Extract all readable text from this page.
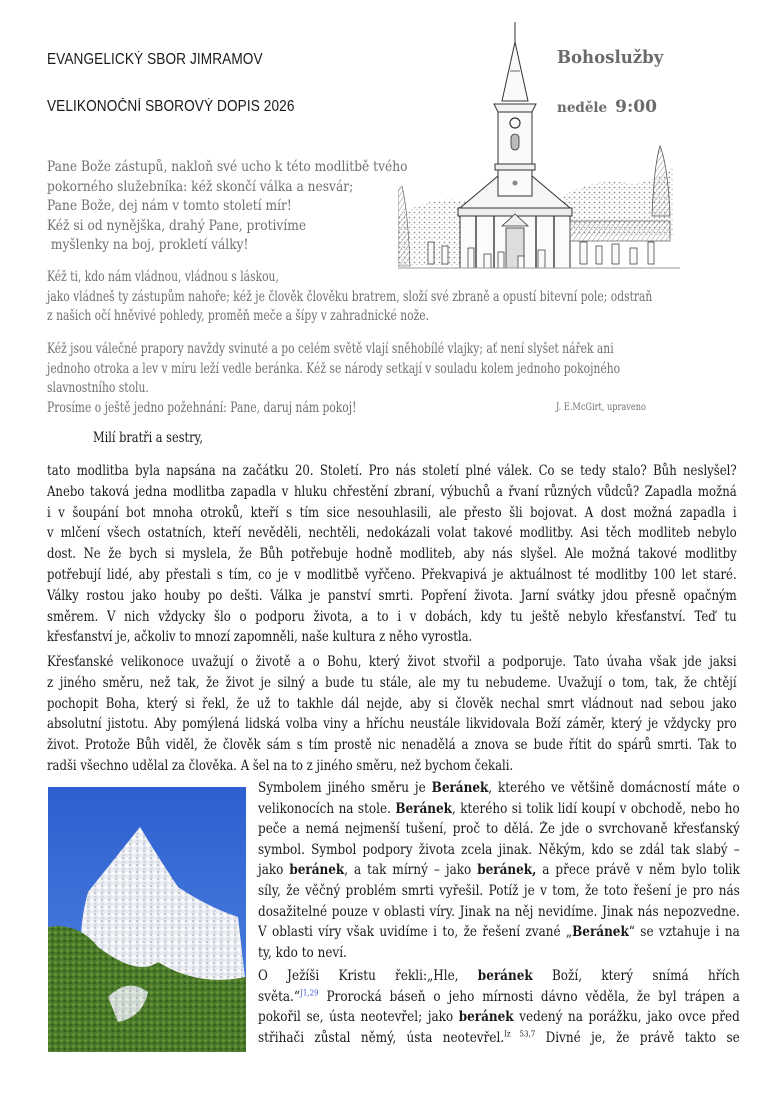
EVANGELICKÝ SBOR JIMRAMOV
VELIKONOČNÍ SBOROVÝ DOPIS 2026
Bohoslužby
neděle 9:00
Pane Bože zástupů, nakloň své ucho k této modlitbě tvého
pokorného služebníka: kéž skončí válka a nesvár;
Pane Bože, dej nám v tomto století mír!
Kéž si od nynějška, drahý Pane, protivíme
myšlenky na boj, prokletí války!
Kéž ti, kdo nám vládnou, vládnou s láskou,
jako vládneš ty zástupům nahoře; kéž je člověk člověku bratrem, složí své zbraně a opustí bitevní pole; odstraň
z našich očí hněvivé pohledy, proměň meče a šípy v zahradnické nože.
Kéž jsou válečné prapory navždy svinuté a po celém světě vlají sněhobílé vlajky; ať není slyšet nářek ani
jednoho otroka a lev v míru leží vedle beránka. Kéž se národy setkají v souladu kolem jednoho pokojného
slavnostního stolu.
Prosíme o ještě jedno požehnání: Pane, daruj nám pokoj!	J. E.McGirt, upraveno
Milí bratři a sestry,
tato modlitba byla napsána na začátku 20. Století. Pro nás století plné válek. Co se tedy stalo? Bůh neslyšel?
Anebo taková jedna modlitba zapadla v hluku chřestění zbraní, výbuchů a řvaní různých vůdců? Zapadla možná
i v šoupání bot mnoha otroků, kteří s tím sice nesouhlasili, ale přesto šli bojovat. A dost možná zapadla i
v mlčení všech ostatních, kteří nevěděli, nechtěli, nedokázali volat takové modlitby. Asi těch modliteb nebylo
dost. Ne že bych si myslela, že Bůh potřebuje hodně modliteb, aby nás slyšel. Ale možná takové modlitby
potřebují lidé, aby přestali s tím, co je v modlitbě vyřčeno. Překvapivá je aktuálnost té modlitby 100 let staré.
Války rostou jako houby po dešti. Válka je panství smrti. Popření života. Jarní svátky jdou přesně opačným
směrem. V nich vždycky šlo o podporu života, a to i v dobách, kdy tu ještě nebylo křesťanství. Teď tu
křesťanství je, ačkoliv to mnozí zapomněli, naše kultura z něho vyrostla.
Křesťanské velikonoce uvažují o životě a o Bohu, který život stvořil a podporuje. Tato úvaha však jde jaksi
z jiného směru, než tak, že život je silný a bude tu stále, ale my tu nebudeme. Uvažují o tom, tak, že chtějí
pochopit Boha, který si řekl, že už to takhle dál nejde, aby si člověk nechal smrt vládnout nad sebou jako
absolutní jistotu. Aby pomýlená lidská volba viny a hříchu neustále likvidovala Boží záměr, který je vždycky pro
život. Protože Bůh viděl, že člověk sám s tím prostě nic nenadělá a znova se bude řítit do spárů smrti. Tak to
radši všechno udělal za člověka. A šel na to z jiného směru, než bychom čekali.
Symbolem jiného směru je Beránek, kterého ve většině domácností máte o
velikonocích na stole. Beránek, kterého si tolik lidí koupí v obchodě, nebo ho
peče a nemá nejmenší tušení, proč to dělá. Že jde o svrchovaně křesťanský
symbol. Symbol podpory života zcela jinak. Někým, kdo se zdál tak slabý –
jako beránek, a tak mírný – jako beránek, a přece právě v něm bylo tolik
síly, že věčný problém smrti vyřešil. Potíž je v tom, že toto řešení je pro nás
dosažitelné pouze v oblasti víry. Jinak na něj nevidíme. Jinak nás nepozvedne.
V oblasti víry však uvidíme i to, že řešení zvané „Beránek“ se vztahuje i na
ty, kdo to neví.
O Ježíši Kristu řekli:„Hle, beránek Boží, který snímá hřích
světa.“$^{J1,29}$ Prorocká báseň o jeho mírnosti dávno věděla, že byl trápen a
pokořil se, ústa neotevřel; jako beránek vedený na porážku, jako ovce před
střihači zůstal němý, ústa neotevřel.$^{Iz 53,7}$ Divné je, že právě takto se
